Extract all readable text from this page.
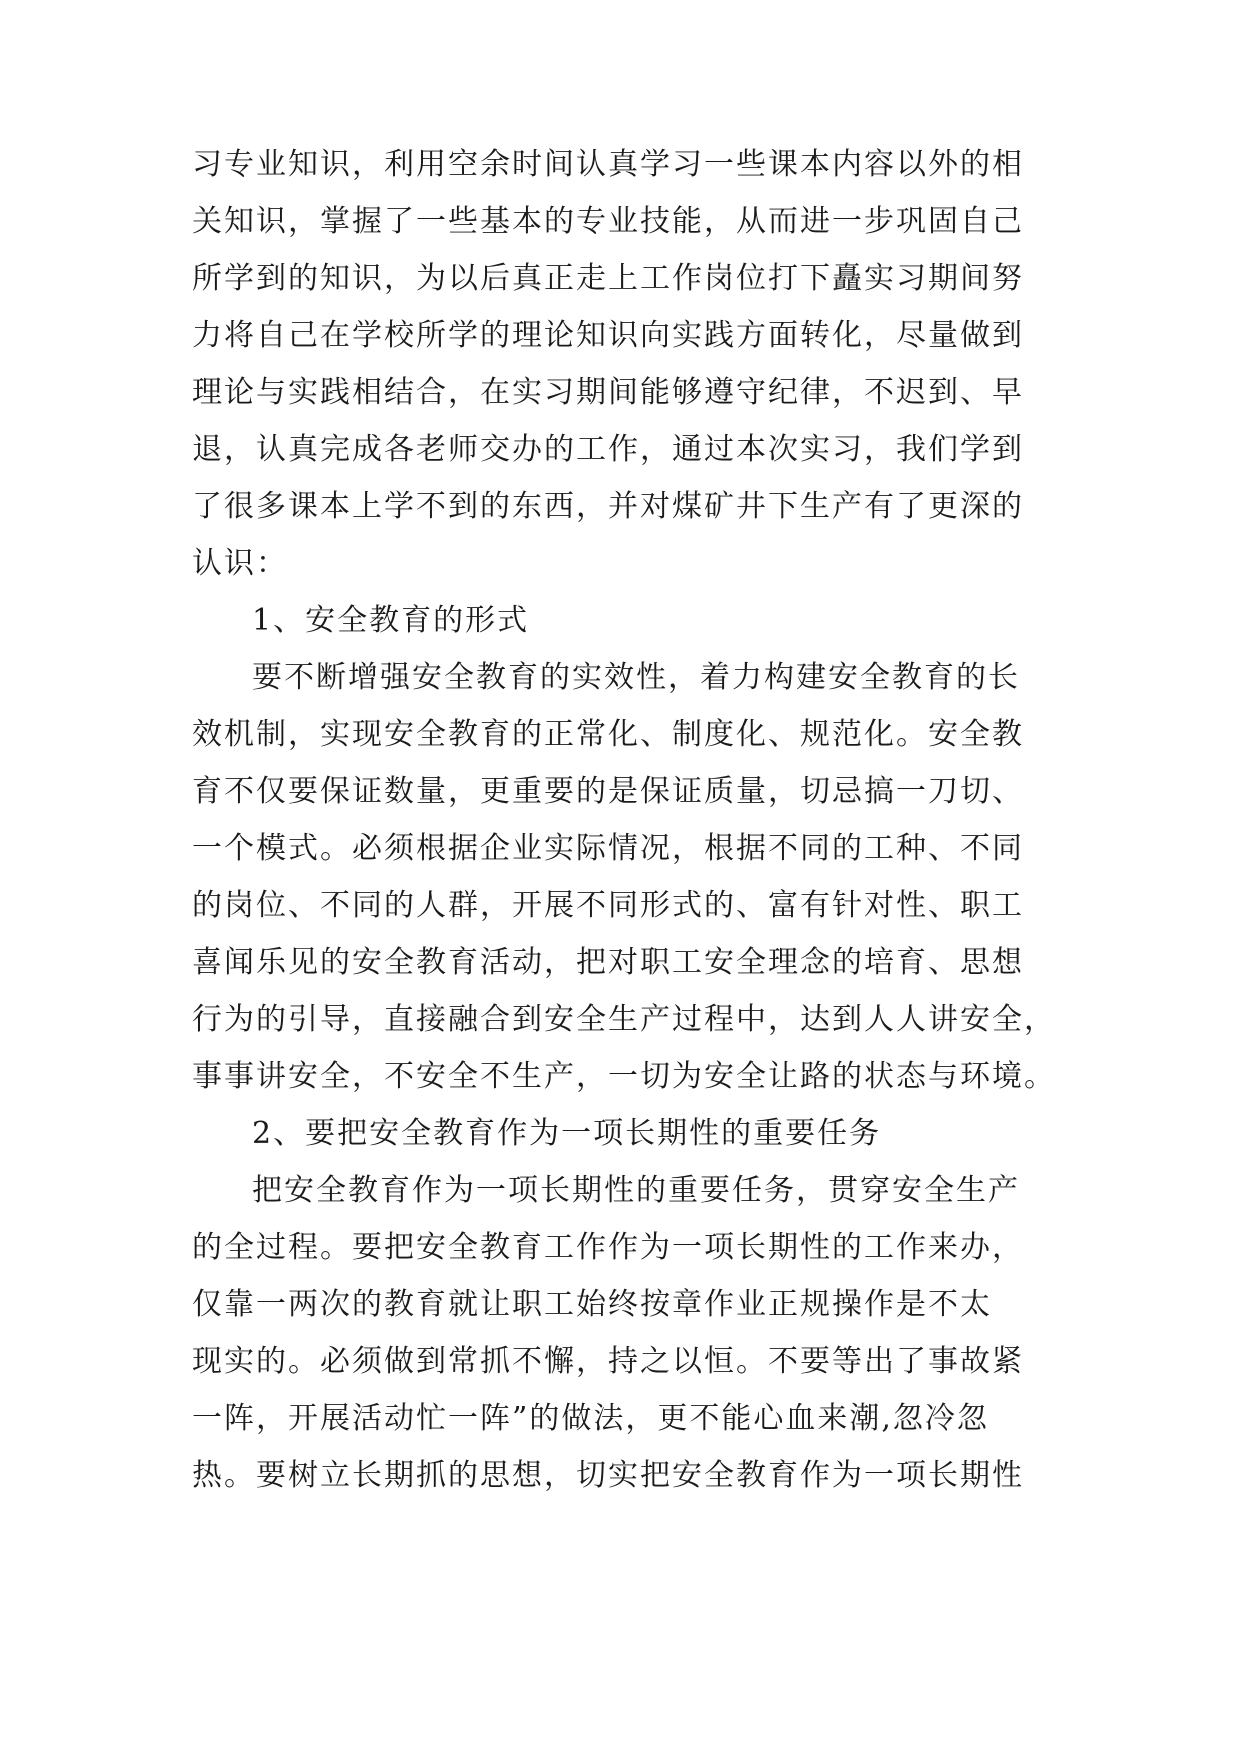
习专业知识，利用空余时间认真学习一些课本内容以外的相
关知识，掌握了一些基本的专业技能，从而进一步巩固自己
所学到的知识，为以后真正走上工作岗位打下矗实习期间努
力将自己在学校所学的理论知识向实践方面转化，尽量做到
理论与实践相结合，在实习期间能够遵守纪律，不迟到、早
退，认真完成各老师交办的工作，通过本次实习，我们学到
了很多课本上学不到的东西，并对煤矿井下生产有了更深的
认识：
1、安全教育的形式
要不断增强安全教育的实效性，着力构建安全教育的长
效机制，实现安全教育的正常化、制度化、规范化。安全教
育不仅要保证数量，更重要的是保证质量，切忌搞一刀切、
一个模式。必须根据企业实际情况，根据不同的工种、不同
的岗位、不同的人群，开展不同形式的、富有针对性、职工
喜闻乐见的安全教育活动，把对职工安全理念的培育、思想
行为的引导，直接融合到安全生产过程中，达到人人讲安全，
事事讲安全，不安全不生产，一切为安全让路的状态与环境。
2、要把安全教育作为一项长期性的重要任务
把安全教育作为一项长期性的重要任务，贯穿安全生产
的全过程。要把安全教育工作作为一项长期性的工作来办，
仅靠一两次的教育就让职工始终按章作业正规操作是不太
现实的。必须做到常抓不懈，持之以恒。不要等出了事故紧
一阵，开展活动忙一阵”的做法，更不能心血来潮,忽冷忽
热。要树立长期抓的思想，切实把安全教育作为一项长期性
